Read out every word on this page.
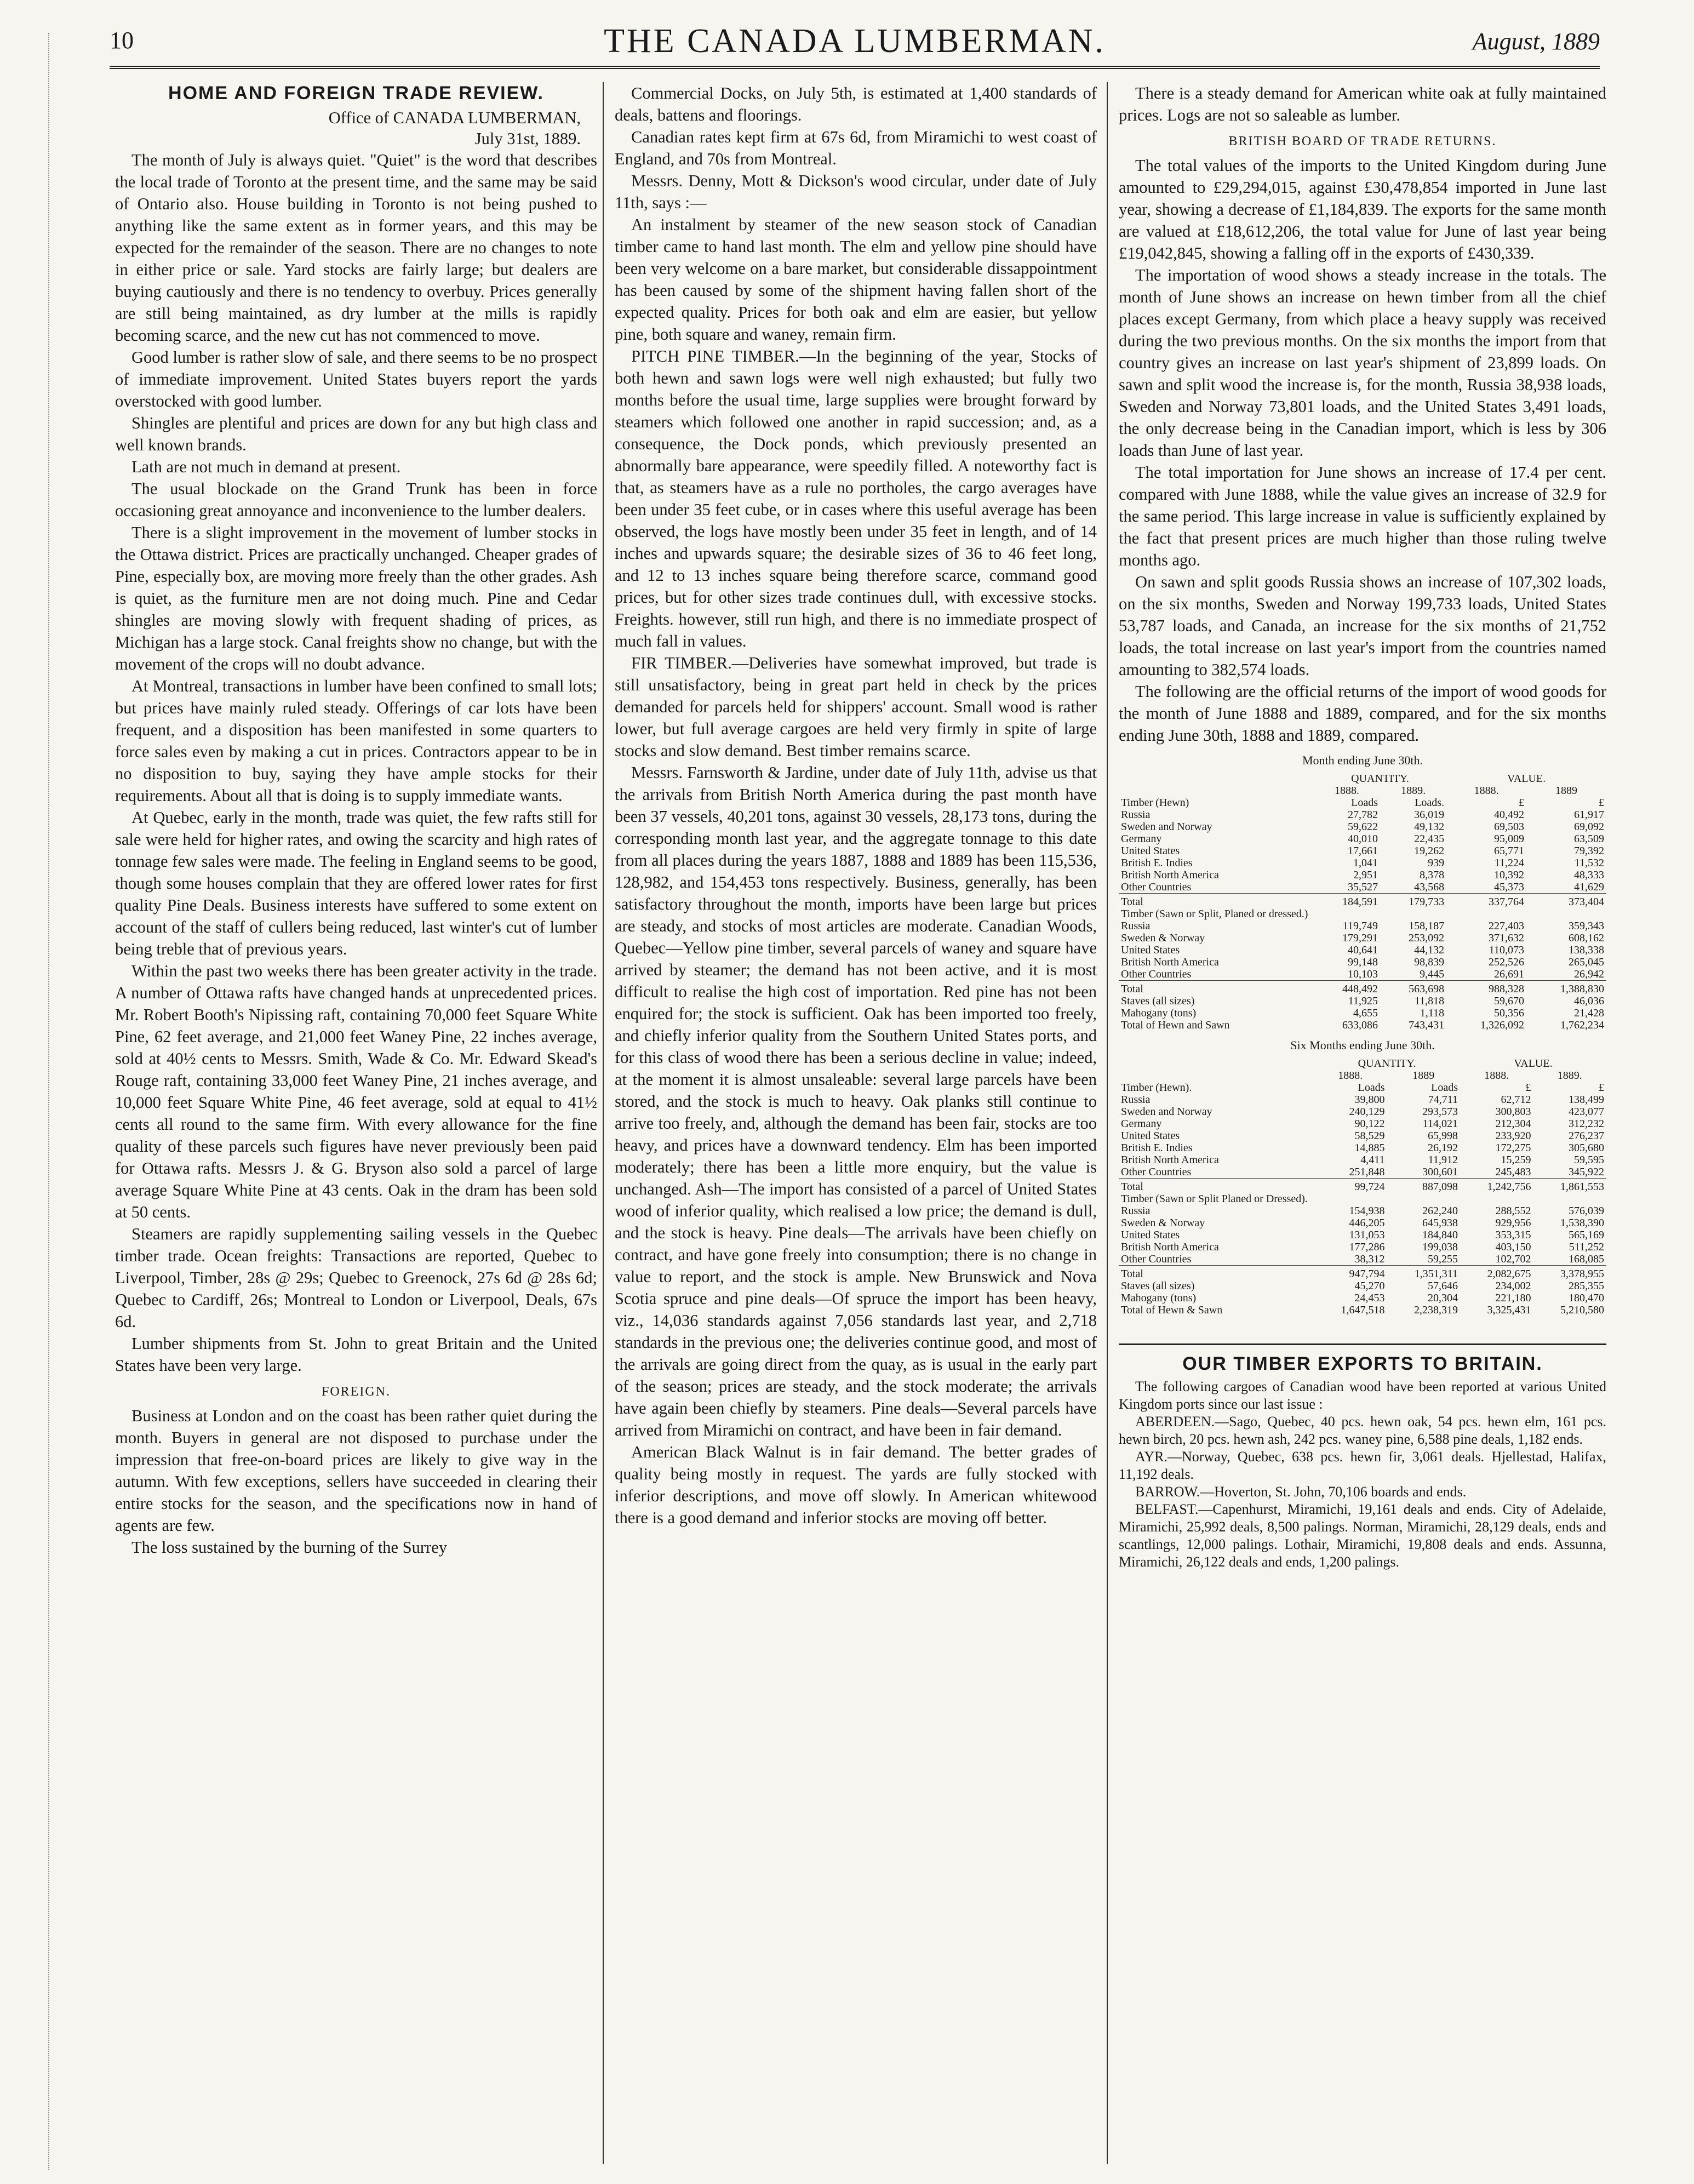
10	THE CANADA LUMBERMAN.	August, 1889
HOME AND FOREIGN TRADE REVIEW.
Office of CANADA LUMBERMAN,
July 31st, 1889.

The month of July is always quiet. "Quiet" is the word that describes the local trade of Toronto at the present time, and the same may be said of Ontario also. House building in Toronto is not being pushed to anything like the same extent as in former years, and this may be expected for the remainder of the season. There are no changes to note in either price or sale. Yard stocks are fairly large; but dealers are buying cautiously and there is no tendency to overbuy. Prices generally are still being maintained, as dry lumber at the mills is rapidly becoming scarce, and the new cut has not commenced to move.

Good lumber is rather slow of sale, and there seems to be no prospect of immediate improvement. United States buyers report the yards overstocked with good lumber.

Shingles are plentiful and prices are down for any but high class and well known brands.

Lath are not much in demand at present.

The usual blockade on the Grand Trunk has been in force occasioning great annoyance and inconvenience to the lumber dealers.

There is a slight improvement in the movement of lumber stocks in the Ottawa district. Prices are practically unchanged. Cheaper grades of Pine, especially box, are moving more freely than the other grades. Ash is quiet, as the furniture men are not doing much. Pine and Cedar shingles are moving slowly with frequent shading of prices, as Michigan has a large stock. Canal freights show no change, but with the movement of the crops will no doubt advance.

At Montreal, transactions in lumber have been confined to small lots; but prices have mainly ruled steady. Offerings of car lots have been frequent, and a disposition has been manifested in some quarters to force sales even by making a cut in prices. Contractors appear to be in no disposition to buy, saying they have ample stocks for their requirements. About all that is doing is to supply immediate wants.

At Quebec, early in the month, trade was quiet, the few rafts still for sale were held for higher rates, and owing the scarcity and high rates of tonnage few sales were made. The feeling in England seems to be good, though some houses complain that they are offered lower rates for first quality Pine Deals. Business interests have suffered to some extent on account of the staff of cullers being reduced, last winter's cut of lumber being treble that of previous years.

Within the past two weeks there has been greater activity in the trade. A number of Ottawa rafts have changed hands at unprecedented prices. Mr. Robert Booth's Nipissing raft, containing 70,000 feet Square White Pine, 62 feet average, and 21,000 feet Waney Pine, 22 inches average, sold at 40½ cents to Messrs. Smith, Wade & Co. Mr. Edward Skead's Rouge raft, containing 33,000 feet Waney Pine, 21 inches average, and 10,000 feet Square White Pine, 46 feet average, sold at equal to 41½ cents all round to the same firm. With every allowance for the fine quality of these parcels such figures have never previously been paid for Ottawa rafts. Messrs J. & G. Bryson also sold a parcel of large average Square White Pine at 43 cents. Oak in the dram has been sold at 50 cents.

Steamers are rapidly supplementing sailing vessels in the Quebec timber trade. Ocean freights: Transactions are reported, Quebec to Liverpool, Timber, 28s @ 29s; Quebec to Greenock, 27s 6d @ 28s 6d; Quebec to Cardiff, 26s; Montreal to London or Liverpool, Deals, 67s 6d.

Lumber shipments from St. John to great Britain and the United States have been very large.

FOREIGN.

Business at London and on the coast has been rather quiet during the month. Buyers in general are not disposed to purchase under the impression that free-on-board prices are likely to give way in the autumn. With few exceptions, sellers have succeeded in clearing their entire stocks for the season, and the specifications now in hand of agents are few.

The loss sustained by the burning of the Surrey

Commercial Docks, on July 5th, is estimated at 1,400 standards of deals, battens and floorings.

Canadian rates kept firm at 67s 6d, from Miramichi to west coast of England, and 70s from Montreal.

Messrs. Denny, Mott & Dickson's wood circular, under date of July 11th, says :—

An instalment by steamer of the new season stock of Canadian timber came to hand last month. The elm and yellow pine should have been very welcome on a bare market, but considerable dissappointment has been caused by some of the shipment having fallen short of the expected quality. Prices for both oak and elm are easier, but yellow pine, both square and waney, remain firm.

PITCH PINE TIMBER.—In the beginning of the year, Stocks of both hewn and sawn logs were well nigh exhausted; but fully two months before the usual time, large supplies were brought forward by steamers which followed one another in rapid succession; and, as a consequence, the Dock ponds, which previously presented an abnormally bare appearance, were speedily filled. A noteworthy fact is that, as steamers have as a rule no portholes, the cargo averages have been under 35 feet cube, or in cases where this useful average has been observed, the logs have mostly been under 35 feet in length, and of 14 inches and upwards square; the desirable sizes of 36 to 46 feet long, and 12 to 13 inches square being therefore scarce, command good prices, but for other sizes trade continues dull, with excessive stocks. Freights. however, still run high, and there is no immediate prospect of much fall in values.

FIR TIMBER.—Deliveries have somewhat improved, but trade is still unsatisfactory, being in great part held in check by the prices demanded for parcels held for shippers' account. Small wood is rather lower, but full average cargoes are held very firmly in spite of large stocks and slow demand. Best timber remains scarce.

Messrs. Farnsworth & Jardine, under date of July 11th, advise us that the arrivals from British North America during the past month have been 37 vessels, 40,201 tons, against 30 vessels, 28,173 tons, during the corresponding month last year, and the aggregate tonnage to this date from all places during the years 1887, 1888 and 1889 has been 115,536, 128,982, and 154,453 tons respectively. Business, generally, has been satisfactory throughout the month, imports have been large but prices are steady, and stocks of most articles are moderate. Canadian Woods, Quebec—Yellow pine timber, several parcels of waney and square have arrived by steamer; the demand has not been active, and it is most difficult to realise the high cost of importation. Red pine has not been enquired for; the stock is sufficient. Oak has been imported too freely, and chiefly inferior quality from the Southern United States ports, and for this class of wood there has been a serious decline in value; indeed, at the moment it is almost unsaleable: several large parcels have been stored, and the stock is much to heavy. Oak planks still continue to arrive too freely, and, although the demand has been fair, stocks are too heavy, and prices have a downward tendency. Elm has been imported moderately; there has been a little more enquiry, but the value is unchanged. Ash—The import has consisted of a parcel of United States wood of inferior quality, which realised a low price; the demand is dull, and the stock is heavy. Pine deals—The arrivals have been chiefly on contract, and have gone freely into consumption; there is no change in value to report, and the stock is ample. New Brunswick and Nova Scotia spruce and pine deals—Of spruce the import has been heavy, viz., 14,036 standards against 7,056 standards last year, and 2,718 standards in the previous one; the deliveries continue good, and most of the arrivals are going direct from the quay, as is usual in the early part of the season; prices are steady, and the stock moderate; the arrivals have again been chiefly by steamers. Pine deals—Several parcels have arrived from Miramichi on contract, and have been in fair demand.

American Black Walnut is in fair demand. The better grades of quality being mostly in request. The yards are fully stocked with inferior descriptions, and move off slowly. In American whitewood there is a good demand and inferior stocks are moving off better.

There is a steady demand for American white oak at fully maintained prices. Logs are not so saleable as lumber.

BRITISH BOARD OF TRADE RETURNS.

The total values of the imports to the United Kingdom during June amounted to £29,294,015, against £30,478,854 imported in June last year, showing a decrease of £1,184,839. The exports for the same month are valued at £18,612,206, the total value for June of last year being £19,042,845, showing a falling off in the exports of £430,339.

The importation of wood shows a steady increase in the totals. The month of June shows an increase on hewn timber from all the chief places except Germany, from which place a heavy supply was received during the two previous months. On the six months the import from that country gives an increase on last year's shipment of 23,899 loads. On sawn and split wood the increase is, for the month, Russia 38,938 loads, Sweden and Norway 73,801 loads, and the United States 3,491 loads, the only decrease being in the Canadian import, which is less by 306 loads than June of last year.

The total importation for June shows an increase of 17.4 per cent. compared with June 1888, while the value gives an increase of 32.9 for the same period. This large increase in value is sufficiently explained by the fact that present prices are much higher than those ruling twelve months ago.

On sawn and split goods Russia shows an increase of 107,302 loads, on the six months, Sweden and Norway 199,733 loads, United States 53,787 loads, and Canada, an increase for the six months of 21,752 loads, the total increase on last year's import from the countries named amounting to 382,574 loads.

The following are the official returns of the import of wood goods for the month of June 1888 and 1889, compared, and for the six months ending June 30th, 1888 and 1889, compared.

Month ending June 30th.
	QUANTITY.		VALUE.	
	1888.	1889.	1888.	1889
Timber (Hewn)	Loads	Loads.	£	£
Russia	27,782	36,019	40,492	61,917
Sweden and Norway	59,622	49,132	69,503	69,092
Germany	40,010	22,435	95,009	63,509
United States	17,661	19,262	65,771	79,392
British E. Indies	1,041	939	11,224	11,532
British North America	2,951	8,378	10,392	48,333
Other Countries	35,527	43,568	45,373	41,629
Total	184,591	179,733	337,764	373,404
Timber (Sawn or Split, Planed or dressed.)				
Russia	119,749	158,187	227,403	359,343
Sweden & Norway	179,291	253,092	371,632	608,162
United States	40,641	44,132	110,073	138,338
British North America	99,148	98,839	252,526	265,045
Other Countries	10,103	9,445	26,691	26,942
Total	448,492	563,698	988,328	1,388,830
Staves (all sizes)	11,925	11,818	59,670	46,036
Mahogany (tons)	4,655	1,118	50,356	21,428
Total of Hewn and Sawn	633,086	743,431	1,326,092	1,762,234
Six Months ending June 30th.
	QUANTITY.		VALUE.	
	1888.	1889	1888.	1889.
Timber (Hewn).	Loads	Loads	£	£
Russia	39,800	74,711	62,712	138,499
Sweden and Norway	240,129	293,573	300,803	423,077
Germany	90,122	114,021	212,304	312,232
United States	58,529	65,998	233,920	276,237
British E. Indies	14,885	26,192	172,275	305,680
British North America	4,411	11,912	15,259	59,595
Other Countries	251,848	300,601	245,483	345,922
Total	99,724	887,098	1,242,756	1,861,553
Timber (Sawn or Split Planed or Dressed).				
Russia	154,938	262,240	288,552	576,039
Sweden & Norway	446,205	645,938	929,956	1,538,390
United States	131,053	184,840	353,315	565,169
British North America	177,286	199,038	403,150	511,252
Other Countries	38,312	59,255	102,702	168,085
Total	947,794	1,351,311	2,082,675	3,378,955
Staves (all sizes)	45,270	57,646	234,002	285,355
Mahogany (tons)	24,453	20,304	221,180	180,470
Total of Hewn & Sawn	1,647,518	2,238,319	3,325,431	5,210,580
OUR TIMBER EXPORTS TO BRITAIN.

The following cargoes of Canadian wood have been reported at various United Kingdom ports since our last issue :

ABERDEEN.—Sago, Quebec, 40 pcs. hewn oak, 54 pcs. hewn elm, 161 pcs. hewn birch, 20 pcs. hewn ash, 242 pcs. waney pine, 6,588 pine deals, 1,182 ends.

AYR.—Norway, Quebec, 638 pcs. hewn fir, 3,061 deals. Hjellestad, Halifax, 11,192 deals.

BARROW.—Hoverton, St. John, 70,106 boards and ends.

BELFAST.—Capenhurst, Miramichi, 19,161 deals and ends. City of Adelaide, Miramichi, 25,992 deals, 8,500 palings. Norman, Miramichi, 28,129 deals, ends and scantlings, 12,000 palings. Lothair, Miramichi, 19,808 deals and ends. Assunna, Miramichi, 26,122 deals and ends, 1,200 palings.
